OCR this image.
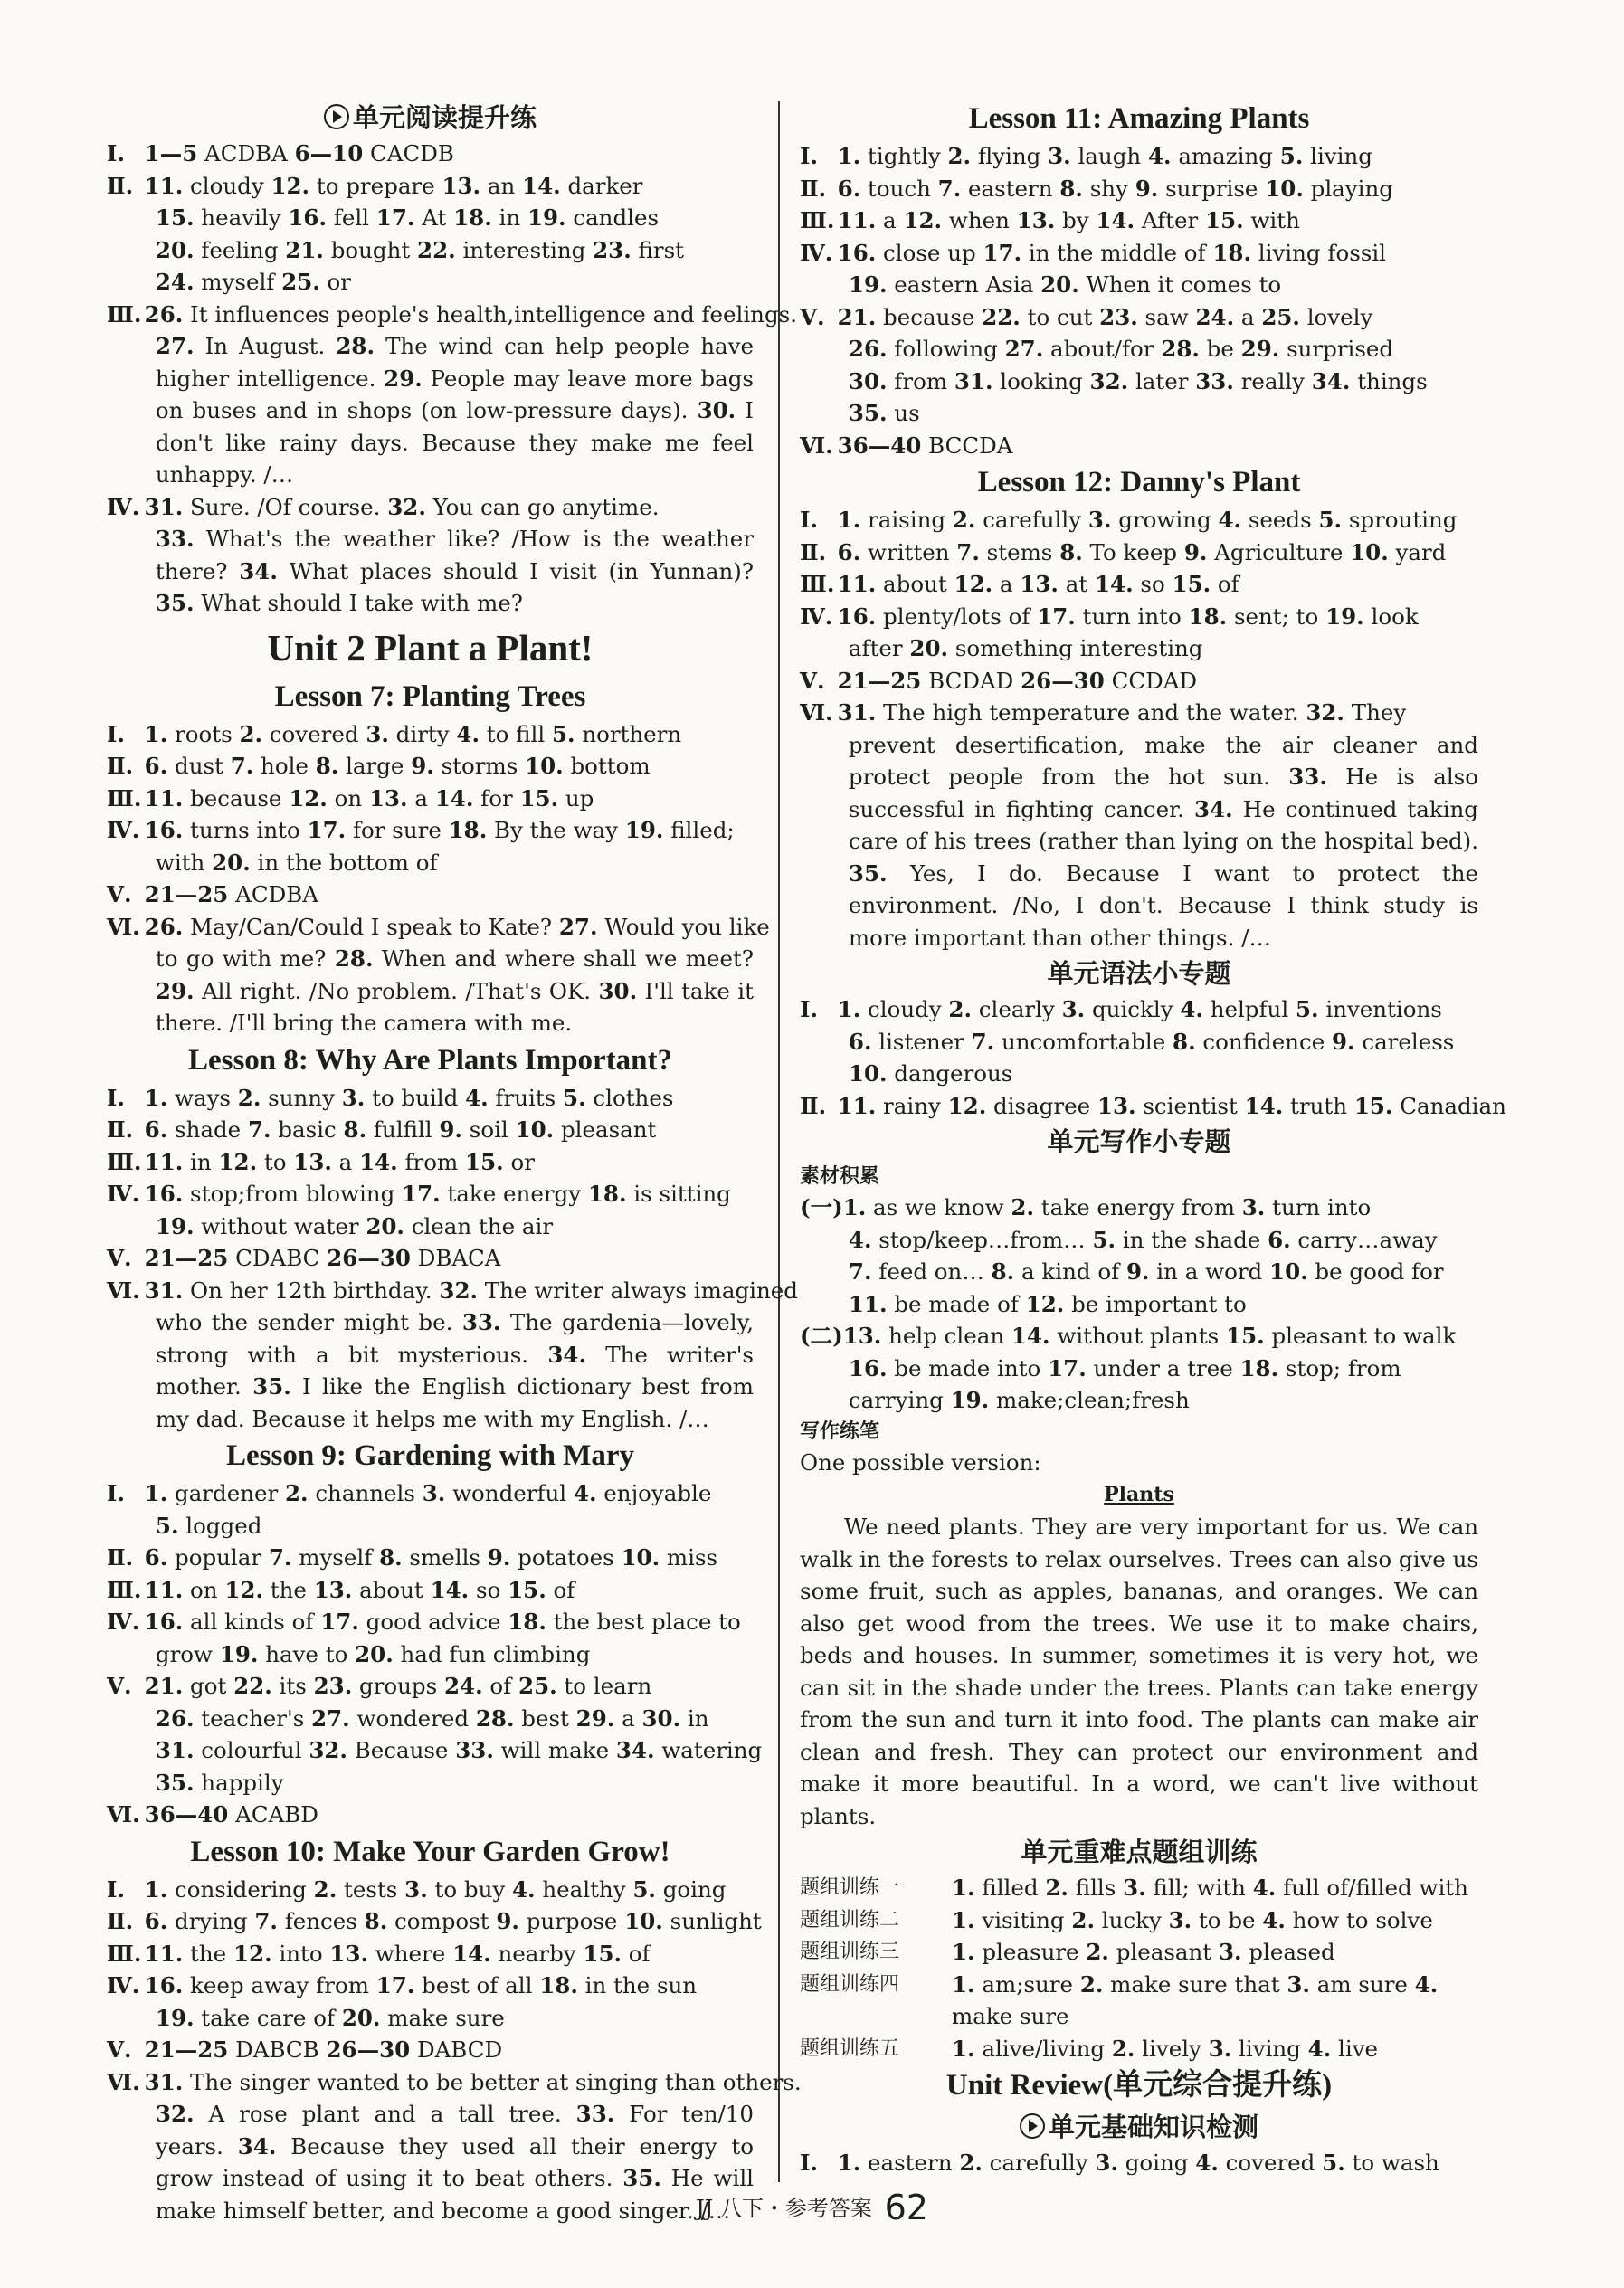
单元阅读提升练
Ⅰ. 1—5 ACDBA 6—10 CACDB
Ⅱ. 11. cloudy 12. to prepare 13. an 14. darker
15. heavily 16. fell 17. At 18. in 19. candles
20. feeling 21. bought 22. interesting 23. first
24. myself 25. or
Ⅲ. 26. It influences people's health,intelligence and feelings.
27. In August. 28. The wind can help people have higher intelligence. 29. People may leave more bags on buses and in shops (on low-pressure days). 30. I don't like rainy days. Because they make me feel unhappy. /…
Ⅳ. 31. Sure. /Of course. 32. You can go anytime.
33. What's the weather like? /How is the weather there? 34. What places should I visit (in Yunnan)? 35. What should I take with me?
Unit 2 Plant a Plant!
Lesson 7: Planting Trees
Ⅰ. 1. roots 2. covered 3. dirty 4. to fill 5. northern
Ⅱ. 6. dust 7. hole 8. large 9. storms 10. bottom
Ⅲ. 11. because 12. on 13. a 14. for 15. up
Ⅳ. 16. turns into 17. for sure 18. By the way 19. filled;
with 20. in the bottom of
Ⅴ. 21—25 ACDBA
Ⅵ. 26. May/Can/Could I speak to Kate? 27. Would you like
to go with me? 28. When and where shall we meet? 29. All right. /No problem. /That's OK. 30. I'll take it there. /I'll bring the camera with me.
Lesson 8: Why Are Plants Important?
Ⅰ. 1. ways 2. sunny 3. to build 4. fruits 5. clothes
Ⅱ. 6. shade 7. basic 8. fulfill 9. soil 10. pleasant
Ⅲ. 11. in 12. to 13. a 14. from 15. or
Ⅳ. 16. stop;from blowing 17. take energy 18. is sitting
19. without water 20. clean the air
Ⅴ. 21—25 CDABC 26—30 DBACA
Ⅵ. 31. On her 12th birthday. 32. The writer always imagined
who the sender might be. 33. The gardenia—lovely, strong with a bit mysterious. 34. The writer's mother. 35. I like the English dictionary best from my dad. Because it helps me with my English. /…
Lesson 9: Gardening with Mary
Ⅰ. 1. gardener 2. channels 3. wonderful 4. enjoyable
5. logged
Ⅱ. 6. popular 7. myself 8. smells 9. potatoes 10. miss
Ⅲ. 11. on 12. the 13. about 14. so 15. of
Ⅳ. 16. all kinds of 17. good advice 18. the best place to
grow 19. have to 20. had fun climbing
Ⅴ. 21. got 22. its 23. groups 24. of 25. to learn
26. teacher's 27. wondered 28. best 29. a 30. in
31. colourful 32. Because 33. will make 34. watering
35. happily
Ⅵ. 36—40 ACABD
Lesson 10: Make Your Garden Grow!
Ⅰ. 1. considering 2. tests 3. to buy 4. healthy 5. going
Ⅱ. 6. drying 7. fences 8. compost 9. purpose 10. sunlight
Ⅲ. 11. the 12. into 13. where 14. nearby 15. of
Ⅳ. 16. keep away from 17. best of all 18. in the sun
19. take care of 20. make sure
Ⅴ. 21—25 DABCB 26—30 DABCD
Ⅵ. 31. The singer wanted to be better at singing than others.
32. A rose plant and a tall tree. 33. For ten/10 years. 34. Because they used all their energy to grow instead of using it to beat others. 35. He will make himself better, and become a good singer. /…
Lesson 11: Amazing Plants
Ⅰ. 1. tightly 2. flying 3. laugh 4. amazing 5. living
Ⅱ. 6. touch 7. eastern 8. shy 9. surprise 10. playing
Ⅲ. 11. a 12. when 13. by 14. After 15. with
Ⅳ. 16. close up 17. in the middle of 18. living fossil
19. eastern Asia 20. When it comes to
Ⅴ. 21. because 22. to cut 23. saw 24. a 25. lovely
26. following 27. about/for 28. be 29. surprised
30. from 31. looking 32. later 33. really 34. things
35. us
Ⅵ. 36—40 BCCDA
Lesson 12: Danny's Plant
Ⅰ. 1. raising 2. carefully 3. growing 4. seeds 5. sprouting
Ⅱ. 6. written 7. stems 8. To keep 9. Agriculture 10. yard
Ⅲ. 11. about 12. a 13. at 14. so 15. of
Ⅳ. 16. plenty/lots of 17. turn into 18. sent; to 19. look
after 20. something interesting
Ⅴ. 21—25 BCDAD 26—30 CCDAD
Ⅵ. 31. The high temperature and the water. 32. They
prevent desertification, make the air cleaner and protect people from the hot sun. 33. He is also successful in fighting cancer. 34. He continued taking care of his trees (rather than lying on the hospital bed). 35. Yes, I do. Because I want to protect the environment. /No, I don't. Because I think study is more important than other things. /…
单元语法小专题
Ⅰ. 1. cloudy 2. clearly 3. quickly 4. helpful 5. inventions
6. listener 7. uncomfortable 8. confidence 9. careless
10. dangerous
Ⅱ. 11. rainy 12. disagree 13. scientist 14. truth 15. Canadian
单元写作小专题
素材积累
(一)1. as we know 2. take energy from 3. turn into
4. stop/keep…from… 5. in the shade 6. carry…away
7. feed on… 8. a kind of 9. in a word 10. be good for
11. be made of 12. be important to
(二)13. help clean 14. without plants 15. pleasant to walk
16. be made into 17. under a tree 18. stop; from
carrying 19. make;clean;fresh
写作练笔
One possible version:
Plants
We need plants. They are very important for us. We can walk in the forests to relax ourselves. Trees can also give us some fruit, such as apples, bananas, and oranges. We can also get wood from the trees. We use it to make chairs, beds and houses. In summer, sometimes it is very hot, we can sit in the shade under the trees. Plants can take energy from the sun and turn it into food. The plants can make air clean and fresh. They can protect our environment and make it more beautiful. In a word, we can't live without plants.
单元重难点题组训练
题组训练一	1. filled 2. fills 3. fill; with 4. full of/filled with
题组训练二	1. visiting 2. lucky 3. to be 4. how to solve
题组训练三	1. pleasure 2. pleasant 3. pleased
题组训练四	1. am;sure 2. make sure that 3. am sure 4. make sure
题组训练五	1. alive/living 2. lively 3. living 4. live
Unit Review(单元综合提升练)
单元基础知识检测
Ⅰ. 1. eastern 2. carefully 3. going 4. covered 5. to wash
JJ 八下・参考答案 62
